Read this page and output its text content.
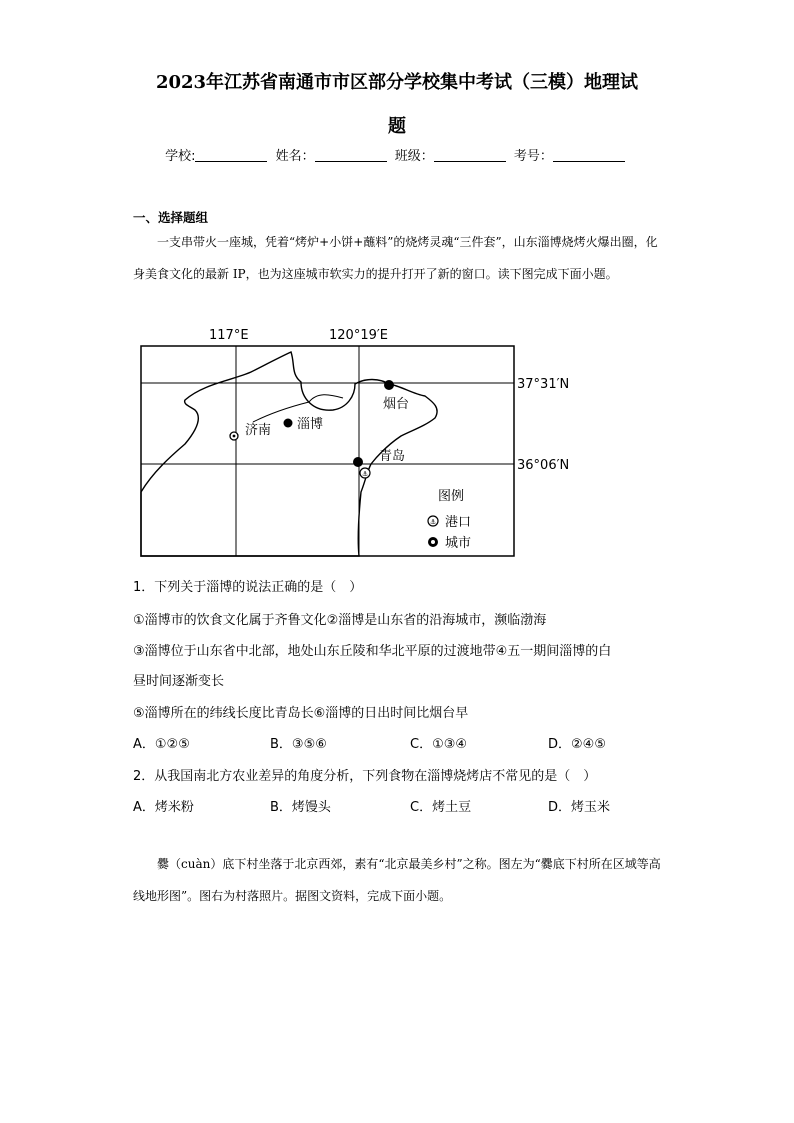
2023年江苏省南通市市区部分学校集中考试（三模）地理试
题
学校:	姓名：	班级：	考号：
一、选择题组
一支串带火一座城，凭着“烤炉+小饼+蘸料”的烧烤灵魂“三件套”，山东淄博烧烤火爆出圈，化身美食文化的最新 IP，也为这座城市软实力的提升打开了新的窗口。读下图完成下面小题。
117°E	120°19′E
37°31′N
36°06′N
济南 淄博
烟台
⚓
青岛
图例
⚓ 港口
城市
1．下列关于淄博的说法正确的是（　）
①淄博市的饮食文化属于齐鲁文化②淄博是山东省的沿海城市，濒临渤海
③淄博位于山东省中北部，地处山东丘陵和华北平原的过渡地带④五一期间淄博的白
昼时间逐渐变长
⑤淄博所在的纬线长度比青岛长⑥淄博的日出时间比烟台早
A．①②⑤	B．③⑤⑥	C．①③④	D．②④⑤
2．从我国南北方农业差异的角度分析，下列食物在淄博烧烤店不常见的是（　）
A．烤米粉	B．烤馒头	C．烤土豆	D．烤玉米
爨（cuàn）底下村坐落于北京西郊，素有“北京最美乡村”之称。图左为“爨底下村所在区域等高线地形图”。图右为村落照片。据图文资料，完成下面小题。
